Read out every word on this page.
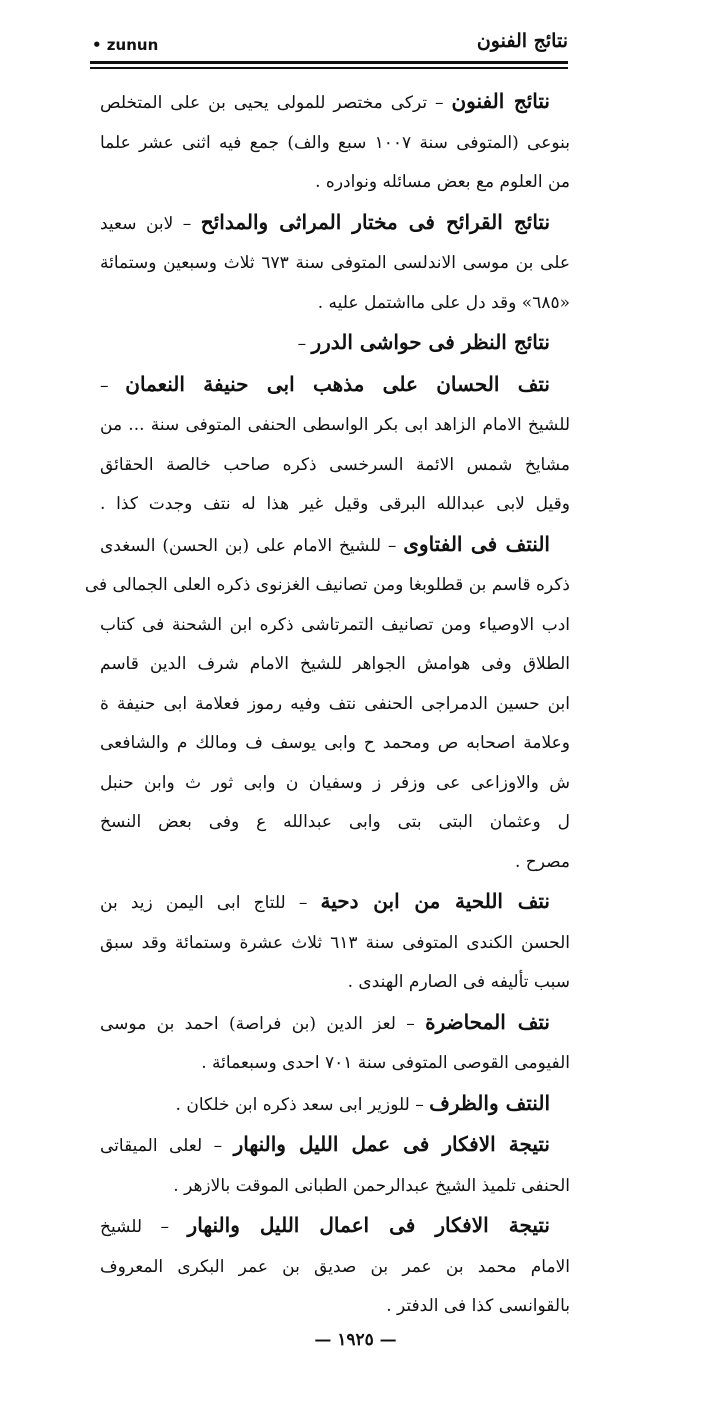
• zunun	نتائج الفنون
نتائج الفنون – تركى مختصر للمولى يحيى بن على المتخلص
بنوعى (المتوفى سنة ١٠٠٧ سبع والف) جمع فيه اثنى عشر علما
من العلوم مع بعض مسائله ونوادره .
نتائج القرائح فى مختار المراثى والمدائح – لابن سعيد
على بن موسى الاندلسى المتوفى سنة ٦٧٣ ثلاث وسبعين وستمائة
«٦٨٥» وقد دل على مااشتمل عليه .
نتائج النظر فى حواشى الدرر –
نتف الحسان على مذهب ابى حنيفة النعمان –
للشيخ الامام الزاهد ابى بكر الواسطى الحنفى المتوفى سنة ... من
مشايخ شمس الائمة السرخسى ذكره صاحب خالصة الحقائق
وقيل لابى عبدالله البرقى وقيل غير هذا له نتف وجدت كذا .
النتف فى الفتاوى – للشيخ الامام على (بن الحسن) السغدى
ذكره قاسم بن قطلوبغا ومن تصانيف الغزنوى ذكره العلى الجمالى فى
ادب الاوصياء ومن تصانيف التمرتاشى ذكره ابن الشحنة فى كتاب
الطلاق وفى هوامش الجواهر للشيخ الامام شرف الدين قاسم
ابن حسين الدمراجى الحنفى نتف وفيه رموز فعلامة ابى حنيفة ة
وعلامة اصحابه ص ومحمد ح وابى يوسف ف ومالك م والشافعى
ش والاوزاعى عى وزفر ز وسفيان ن وابى ثور ث وابن حنبل
ل وعثمان البتى بتى وابى عبدالله ع وفى بعض النسخ
مصرح .
نتف اللحية من ابن دحية – للتاج ابى اليمن زيد بن
الحسن الكندى المتوفى سنة ٦١٣ ثلاث عشرة وستمائة وقد سبق
سبب تأليفه فى الصارم الهندى .
نتف المحاضرة – لعز الدين (بن فراصة) احمد بن موسى
الفيومى القوصى المتوفى سنة ٧٠١ احدى وسبعمائة .
النتف والظرف – للوزير ابى سعد ذكره ابن خلكان .
نتيجة الافكار فى عمل الليل والنهار – لعلى الميقاتى
الحنفى تلميذ الشيخ عبدالرحمن الطبانى الموقت بالازهر .
نتيجة الافكار فى اعمال الليل والنهار – للشيخ
الامام محمد بن عمر بن صديق بن عمر البكرى المعروف
بالقوانسى كذا فى الدفتر .
— ١٩٢٥ —
